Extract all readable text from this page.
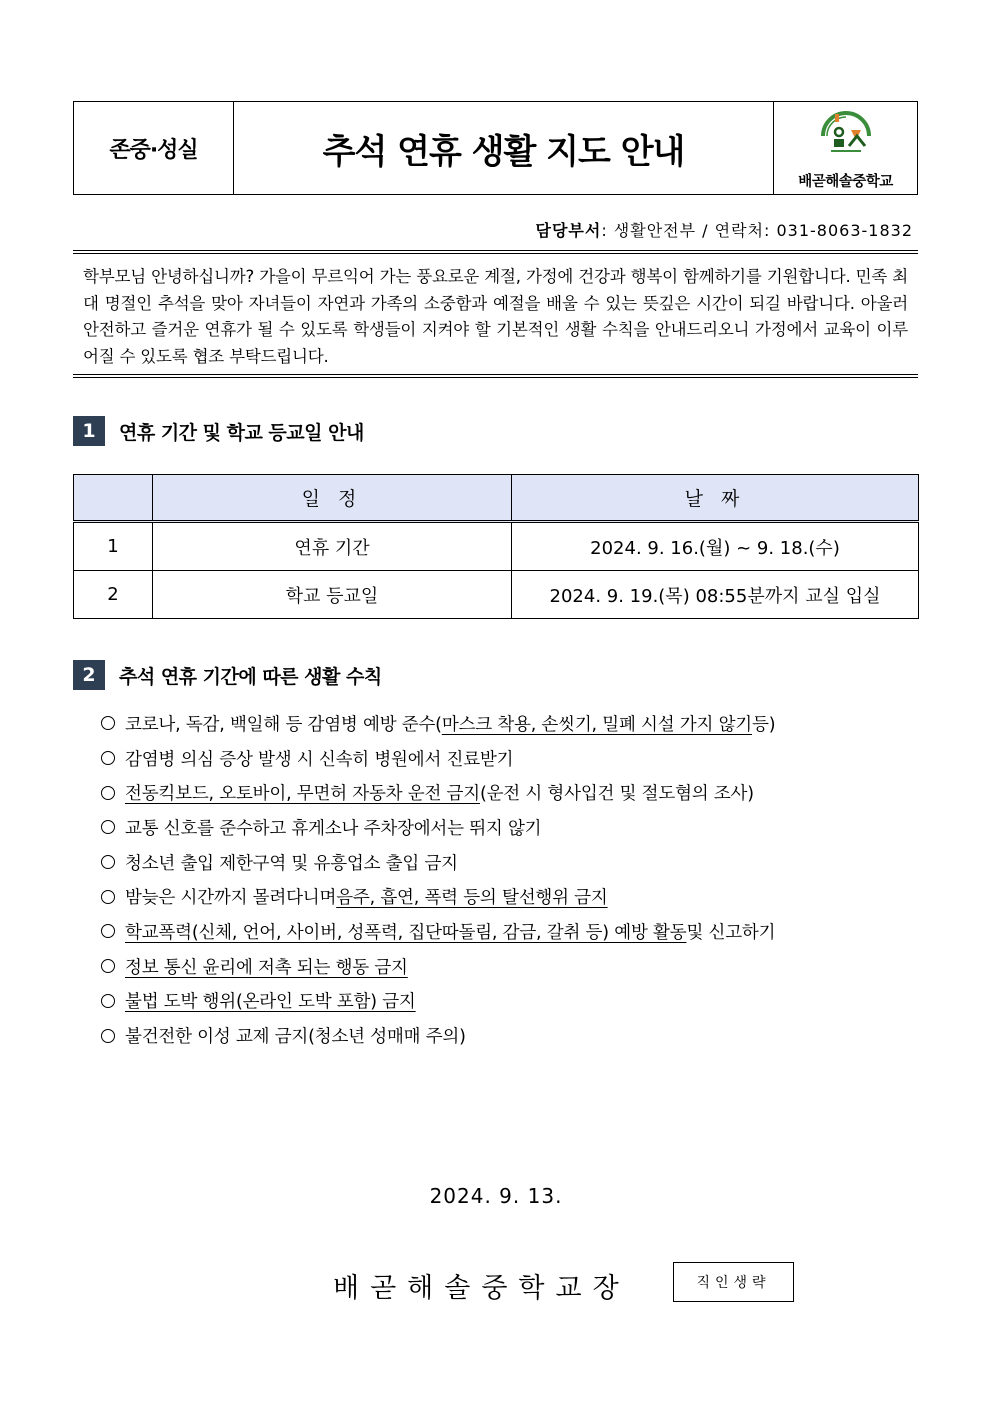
존중·성실	추석 연휴 생활 지도 안내
배곧해솔중학교
담당부서: 생활안전부 / 연락처: 031-8063-1832

학부모님 안녕하십니까? 가을이 무르익어 가는 풍요로운 계절, 가정에 건강과 행복이 함께하기를 기원합니다. 민족 최대 명절인 추석을 맞아 자녀들이 자연과 가족의 소중함과 예절을 배울 수 있는 뜻깊은 시간이 되길 바랍니다. 아울러 안전하고 즐거운 연휴가 될 수 있도록 학생들이 지켜야 할 기본적인 생활 수칙을 안내드리오니 가정에서 교육이 이루어질 수 있도록 협조 부탁드립니다.

1	연휴 기간 및 학교 등교일 안내
	일 정	날 짜
1	연휴 기간	2024. 9. 16.(월) ~ 9. 18.(수)
2	학교 등교일	2024. 9. 19.(목) 08:55분까지 교실 입실
2	추석 연휴 기간에 따른 생활 수칙
코로나, 독감, 백일해 등 감염병 예방 준수( 마스크 착용, 손씻기, 밀폐 시설 가지 않기 등)
감염병 의심 증상 발생 시 신속히 병원에서 진료받기
전동킥보드, 오토바이, 무면허 자동차 운전 금지 (운전 시 형사입건 및 절도혐의 조사)
교통 신호를 준수하고 휴게소나 주차장에서는 뛰지 않기
청소년 출입 제한구역 및 유흥업소 출입 금지
밤늦은 시간까지 몰려다니며 음주, 흡연, 폭력 등의 탈선행위 금지
학교폭력(신체, 언어, 사이버, 성폭력, 집단따돌림, 감금, 갈취 등) 예방 활동 및 신고하기
정보 통신 윤리에 저촉 되는 행동 금지
불법 도박 행위(온라인 도박 포함) 금지
불건전한 이성 교제 금지(청소년 성매매 주의)
2024. 9. 13.
배곧해솔중학교장	직인생략
